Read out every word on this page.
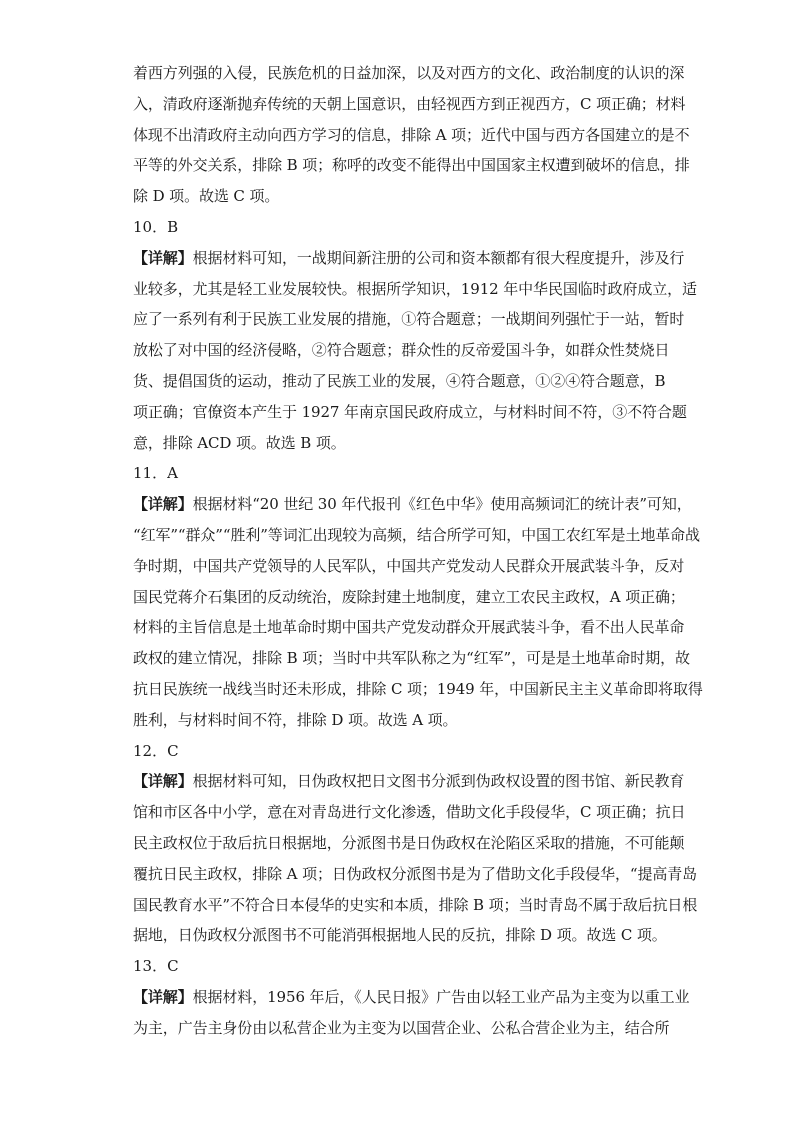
着西方列强的入侵，民族危机的日益加深，以及对西方的文化、政治制度的认识的深
入，清政府逐渐抛弃传统的天朝上国意识，由轻视西方到正视西方，C 项正确；材料
体现不出清政府主动向西方学习的信息，排除 A 项；近代中国与西方各国建立的是不
平等的外交关系，排除 B 项；称呼的改变不能得出中国国家主权遭到破坏的信息，排
除 D 项。故选 C 项。
10．B
【详解】根据材料可知，一战期间新注册的公司和资本额都有很大程度提升，涉及行
业较多，尤其是轻工业发展较快。根据所学知识，1912 年中华民国临时政府成立，适
应了一系列有利于民族工业发展的措施，①符合题意；一战期间列强忙于一站，暂时
放松了对中国的经济侵略，②符合题意；群众性的反帝爱国斗争，如群众性焚烧日
货、提倡国货的运动，推动了民族工业的发展，④符合题意，①②④符合题意，B
项正确；官僚资本产生于 1927 年南京国民政府成立，与材料时间不符，③不符合题
意，排除 ACD 项。故选 B 项。
11．A
【详解】根据材料“20 世纪 30 年代报刊《红色中华》使用高频词汇的统计表”可知，
“红军”“群众”“胜利”等词汇出现较为高频，结合所学可知，中国工农红军是土地革命战
争时期，中国共产党领导的人民军队，中国共产党发动人民群众开展武装斗争，反对
国民党蒋介石集团的反动统治，废除封建土地制度，建立工农民主政权，A 项正确；
材料的主旨信息是土地革命时期中国共产党发动群众开展武装斗争，看不出人民革命
政权的建立情况，排除 B 项；当时中共军队称之为“红军”，可是是土地革命时期，故
抗日民族统一战线当时还未形成，排除 C 项；1949 年，中国新民主主义革命即将取得
胜利，与材料时间不符，排除 D 项。故选 A 项。
12．C
【详解】根据材料可知，日伪政权把日文图书分派到伪政权设置的图书馆、新民教育
馆和市区各中小学，意在对青岛进行文化渗透，借助文化手段侵华，C 项正确；抗日
民主政权位于敌后抗日根据地，分派图书是日伪政权在沦陷区采取的措施，不可能颠
覆抗日民主政权，排除 A 项；日伪政权分派图书是为了借助文化手段侵华，“提高青岛
国民教育水平”不符合日本侵华的史实和本质，排除 B 项；当时青岛不属于敌后抗日根
据地，日伪政权分派图书不可能消弭根据地人民的反抗，排除 D 项。故选 C 项。
13．C
【详解】根据材料，1956 年后，《人民日报》广告由以轻工业产品为主变为以重工业
为主，广告主身份由以私营企业为主变为以国营企业、公私合营企业为主，结合所
